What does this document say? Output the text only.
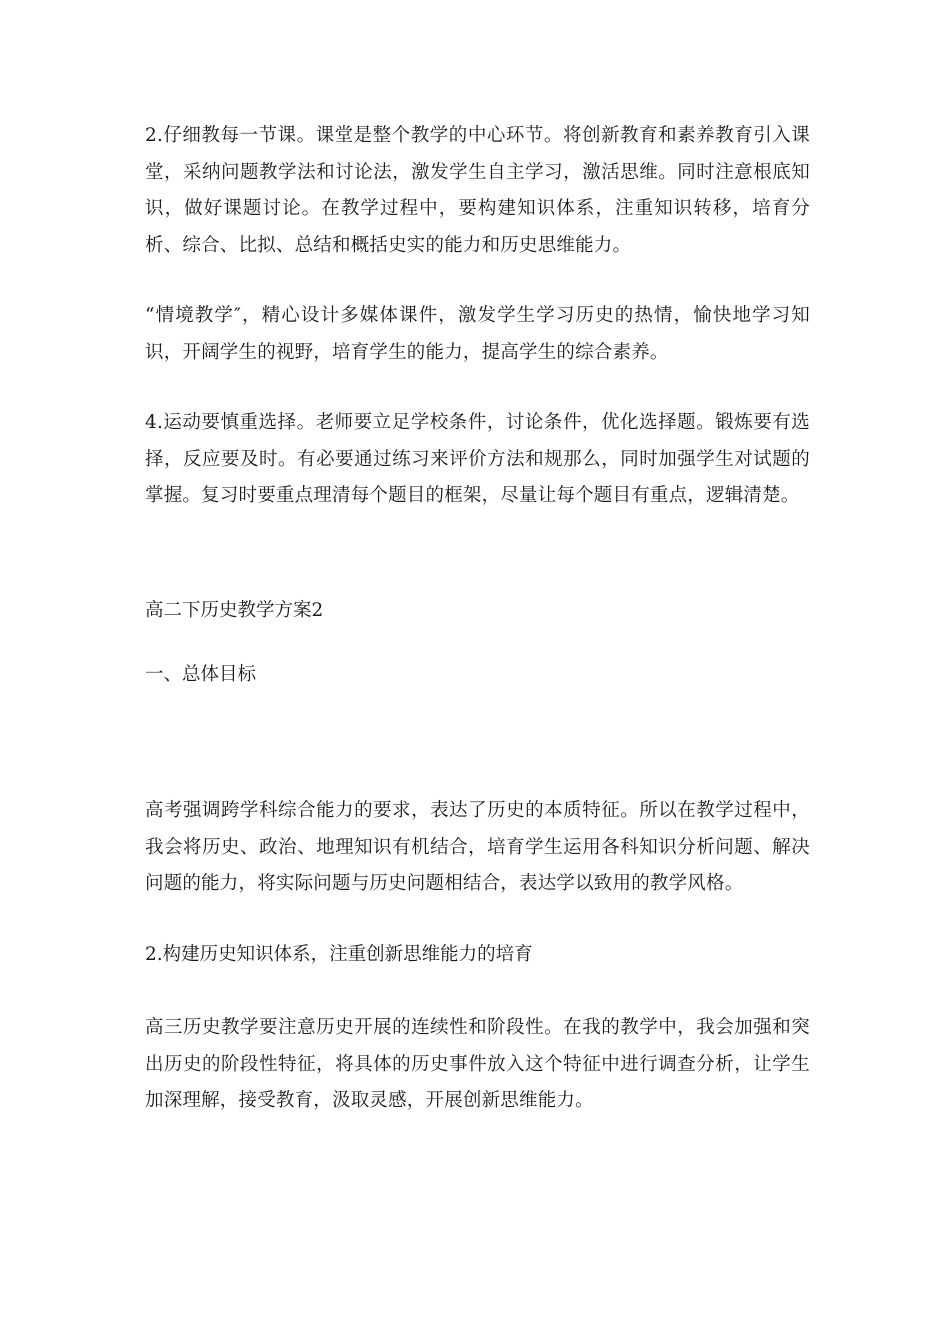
2.仔细教每一节课。课堂是整个教学的中心环节。将创新教育和素养教育引入课堂，采纳问题教学法和讨论法，激发学生自主学习，激活思维。同时注意根底知识，做好课题讨论。在教学过程中，要构建知识体系，注重知识转移，培育分析、综合、比拟、总结和概括史实的能力和历史思维能力。

“情境教学″，精心设计多媒体课件，激发学生学习历史的热情，愉快地学习知识，开阔学生的视野，培育学生的能力，提高学生的综合素养。

4.运动要慎重选择。老师要立足学校条件，讨论条件，优化选择题。锻炼要有选择，反应要及时。有必要通过练习来评价方法和规那么，同时加强学生对试题的掌握。复习时要重点理清每个题目的框架，尽量让每个题目有重点，逻辑清楚。

高二下历史教学方案2

一、总体目标

高考强调跨学科综合能力的要求，表达了历史的本质特征。所以在教学过程中，我会将历史、政治、地理知识有机结合，培育学生运用各科知识分析问题、解决问题的能力，将实际问题与历史问题相结合，表达学以致用的教学风格。

2.构建历史知识体系，注重创新思维能力的培育

高三历史教学要注意历史开展的连续性和阶段性。在我的教学中，我会加强和突出历史的阶段性特征，将具体的历史事件放入这个特征中进行调查分析，让学生加深理解，接受教育，汲取灵感，开展创新思维能力。
